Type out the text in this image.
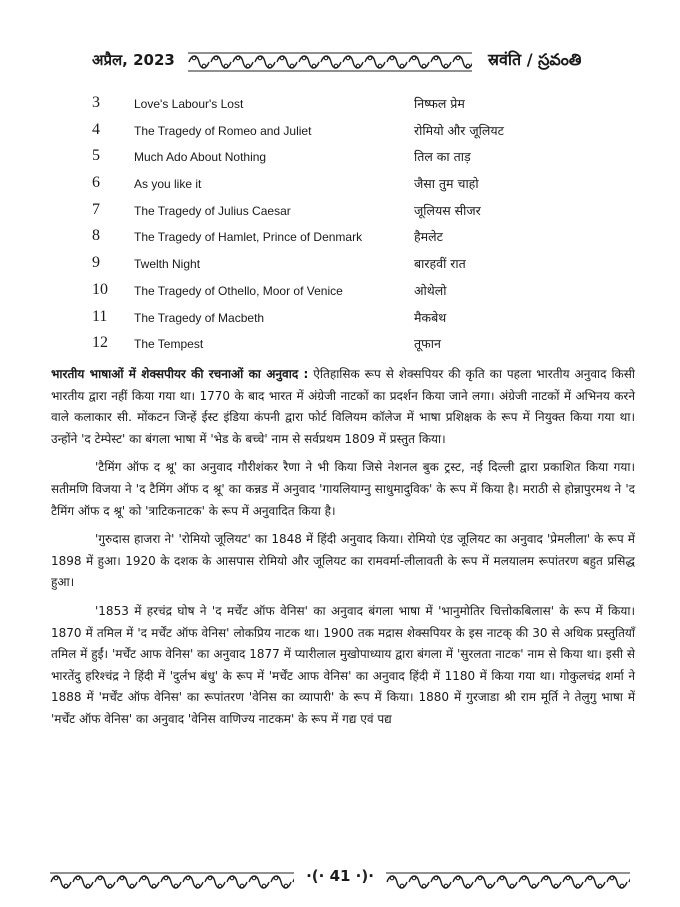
अप्रैल, 2023	स्रवंति / స్రవంతి
3	Love's Labour's Lost	निष्फल प्रेम
4	The Tragedy of Romeo and Juliet	रोमियो और जूलियट
5	Much Ado About Nothing	तिल का ताड़
6	As you like it	जैसा तुम चाहो
7	The Tragedy of Julius Caesar	जूलियस सीजर
8	The Tragedy of Hamlet, Prince of Denmark	हैमलेट
9	Twelth Night	बारहवीं रात
10 The Tragedy of Othello, Moor of Venice	ओथेलो
11 The Tragedy of Macbeth	मैकबेथ
12 The Tempest	तूफान

भारतीय भाषाओं में शेक्सपीयर की रचनाओं का अनुवाद : ऐतिहासिक रूप से शेक्सपियर की कृति का पहला भारतीय अनुवाद किसी भारतीय द्वारा नहीं किया गया था। 1770 के बाद भारत में अंग्रेजी नाटकों का प्रदर्शन किया जाने लगा। अंग्रेजी नाटकों में अभिनय करने वाले कलाकार सी. मोंकटन जिन्हें ईस्ट इंडिया कंपनी द्वारा फोर्ट विलियम कॉलेज में भाषा प्रशिक्षक के रूप में नियुक्त किया गया था। उन्होंने 'द टेम्पेस्ट' का बंगला भाषा में 'भेड के बच्चे' नाम से सर्वप्रथम 1809 में प्रस्तुत किया।

'टैमिंग ऑफ द श्रू' का अनुवाद गौरीशंकर रैणा ने भी किया जिसे नेशनल बुक ट्रस्ट, नई दिल्ली द्वारा प्रकाशित किया गया। सतीमणि विजया ने 'द टैमिंग ऑफ द श्रू' का कन्नड में अनुवाद 'गायलियाग्नु साधुमादुविक' के रूप में किया है। मराठी से होन्नापुरमथ ने 'द टैमिंग ऑफ द श्रू' को 'त्राटिकनाटक' के रूप में अनुवादित किया है।

'गुरुदास हाजरा ने' 'रोमियो जूलियट' का 1848 में हिंदी अनुवाद किया। रोमियो एंड जूलियट का अनुवाद 'प्रेमलीला' के रूप में 1898 में हुआ। 1920 के दशक के आसपास रोमियो और जूलियट का रामवर्मा-लीलावती के रूप में मलयालम रूपांतरण बहुत प्रसिद्ध हुआ।

'1853 में हरचंद्र घोष ने 'द मर्चेंट ऑफ वेनिस' का अनुवाद बंगला भाषा में 'भानुमोतिर चित्तोकबिलास' के रूप में किया। 1870 में तमिल में 'द मर्चेंट ऑफ वेनिस' लोकप्रिय नाटक था। 1900 तक मद्रास शेक्सपियर के इस नाटक् की 30 से अधिक प्रस्तुतियाँ तमिल में हुईं। 'मर्चेंट आफ वेनिस' का अनुवाद 1877 में प्यारीलाल मुखोपाध्याय द्वारा बंगला में 'सुरलता नाटक' नाम से किया था। इसी से भारतेंदु हरिश्चंद्र ने हिंदी में 'दुर्लभ बंधु' के रूप में 'मर्चेंट आफ वेनिस' का अनुवाद हिंदी में 1180 में किया गया था। गोकुलचंद्र शर्मा ने 1888 में 'मर्चेंट ऑफ वेनिस' का रूपांतरण 'वेनिस का व्यापारी' के रूप में किया। 1880 में गुरजाडा श्री राम मूर्ति ने तेलुगु भाषा में 'मर्चेंट ऑफ वेनिस' का अनुवाद 'वेनिस वाणिज्य नाटकम' के रूप में गद्य एवं पद्य

·(· 41 ·)·
